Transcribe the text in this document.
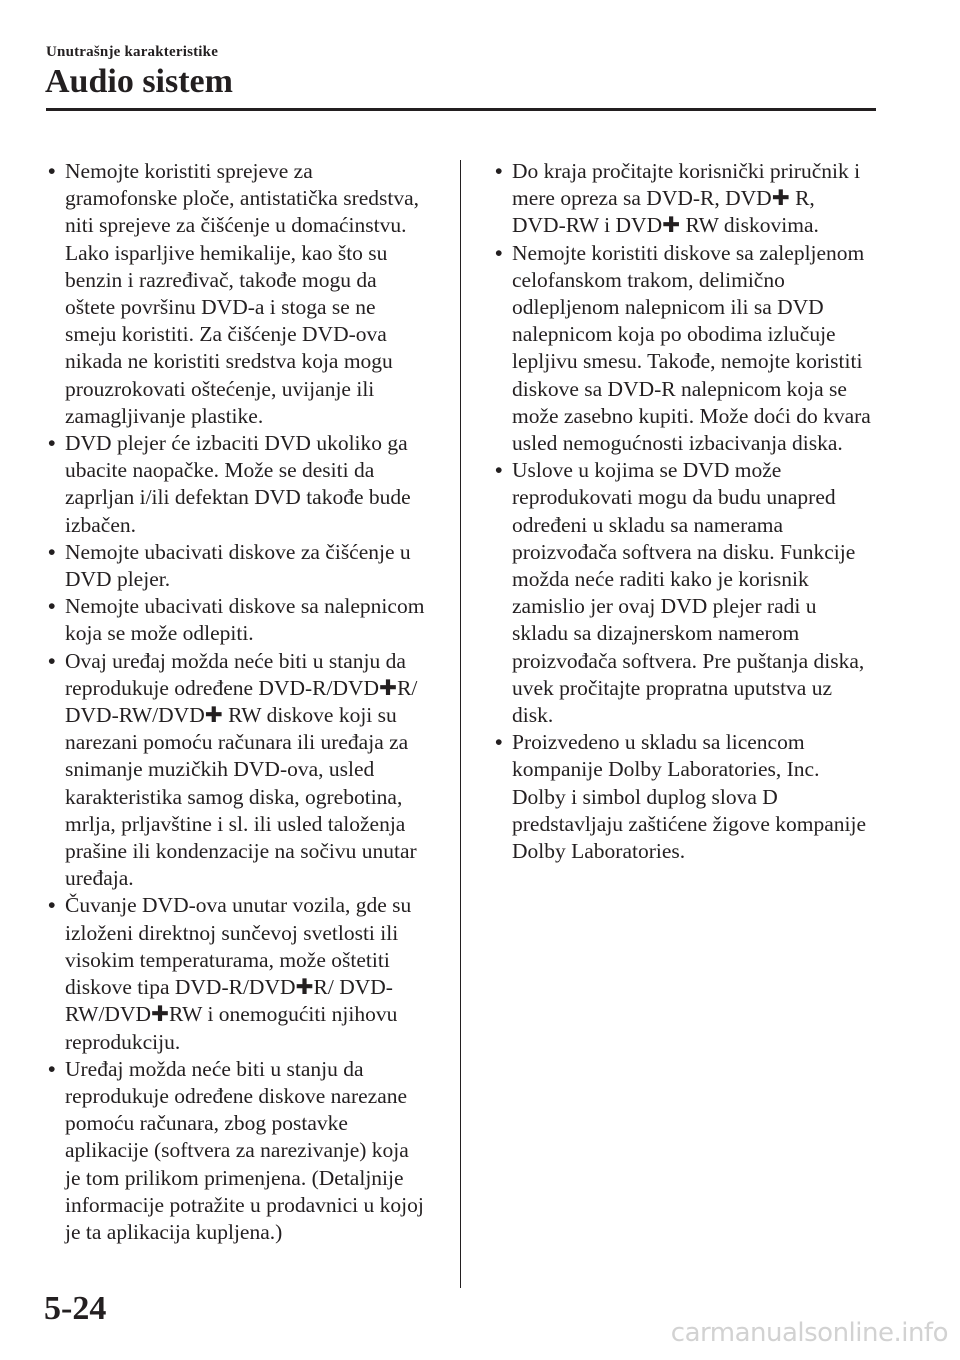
Unutrašnje karakteristike
Audio sistem
• Nemojte koristiti sprejeve za gramofonske ploče, antistatička sredstva, niti sprejeve za čišćenje u domaćinstvu. Lako isparljive hemikalije, kao što su benzin i razređivač, takođe mogu da oštete površinu DVD-a i stoga se ne smeju koristiti. Za čišćenje DVD-ova nikada ne koristiti sredstva koja mogu prouzrokovati oštećenje, uvijanje ili zamagljivanje plastike.
• DVD plejer će izbaciti DVD ukoliko ga ubacite naopačke. Može se desiti da zaprljan i/ili defektan DVD takođe bude izbačen.
• Nemojte ubacivati diskove za čišćenje u DVD plejer.
• Nemojte ubacivati diskove sa nalepnicom koja se može odlepiti.
• Ovaj uređaj možda neće biti u stanju da reprodukuje određene DVD-R/DVD✚R/ DVD-RW/DVD✚ RW diskove koji su narezani pomoću računara ili uređaja za snimanje muzičkih DVD-ova, usled karakteristika samog diska, ogrebotina, mrlja, prljavštine i sl. ili usled taloženja prašine ili kondenzacije na sočivu unutar uređaja.
• Čuvanje DVD-ova unutar vozila, gde su izloženi direktnoj sunčevoj svetlosti ili visokim temperaturama, može oštetiti diskove tipa DVD-R/DVD✚R/ DVD-RW/DVD✚RW i onemogućiti njihovu reprodukciju.
• Uređaj možda neće biti u stanju da reprodukuje određene diskove narezane pomoću računara, zbog postavke aplikacije (softvera za narezivanje) koja je tom prilikom primenjena. (Detaljnije informacije potražite u prodavnici u kojoj je ta aplikacija kupljena.)
• Do kraja pročitajte korisnički priručnik i mere opreza sa DVD-R, DVD✚ R, DVD-RW i DVD✚ RW diskovima.
• Nemojte koristiti diskove sa zalepljenom celofanskom trakom, delimično odlepljenom nalepnicom ili sa DVD nalepnicom koja po obodima izlučuje lepljivu smesu. Takođe, nemojte koristiti diskove sa DVD-R nalepnicom koja se može zasebno kupiti. Može doći do kvara usled nemogućnosti izbacivanja diska.
• Uslove u kojima se DVD može reprodukovati mogu da budu unapred određeni u skladu sa namerama proizvođača softvera na disku. Funkcije možda neće raditi kako je korisnik zamislio jer ovaj DVD plejer radi u skladu sa dizajnerskom namerom proizvođača softvera. Pre puštanja diska, uvek pročitajte propratna uputstva uz disk.
• Proizvedeno u skladu sa licencom kompanije Dolby Laboratories, Inc. Dolby i simbol duplog slova D predstavljaju zaštićene žigove kompanije Dolby Laboratories.
5-24
carmanualsonline.info
